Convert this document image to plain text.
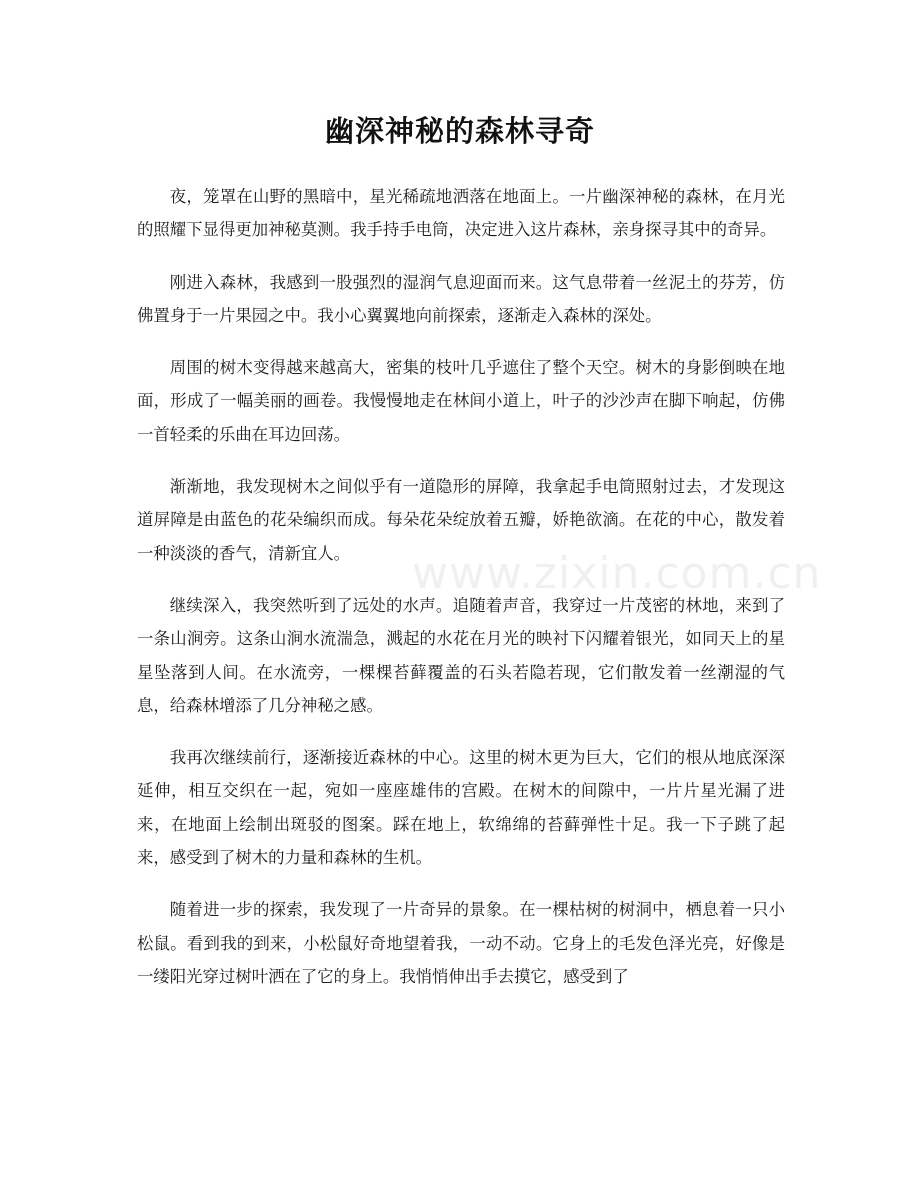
幽深神秘的森林寻奇

夜，笼罩在山野的黑暗中，星光稀疏地洒落在地面上。一片幽深神秘的森林，在月光的照耀下显得更加神秘莫测。我手持手电筒，决定进入这片森林，亲身探寻其中的奇异。

刚进入森林，我感到一股强烈的湿润气息迎面而来。这气息带着一丝泥土的芬芳，仿佛置身于一片果园之中。我小心翼翼地向前探索，逐渐走入森林的深处。

周围的树木变得越来越高大，密集的枝叶几乎遮住了整个天空。树木的身影倒映在地面，形成了一幅美丽的画卷。我慢慢地走在林间小道上，叶子的沙沙声在脚下响起，仿佛一首轻柔的乐曲在耳边回荡。

渐渐地，我发现树木之间似乎有一道隐形的屏障，我拿起手电筒照射过去，才发现这道屏障是由蓝色的花朵编织而成。每朵花朵绽放着五瓣，娇艳欲滴。在花的中心，散发着一种淡淡的香气，清新宜人。

继续深入，我突然听到了远处的水声。追随着声音，我穿过一片茂密的林地，来到了一条山涧旁。这条山涧水流湍急，溅起的水花在月光的映衬下闪耀着银光，如同天上的星星坠落到人间。在水流旁，一棵棵苔藓覆盖的石头若隐若现，它们散发着一丝潮湿的气息，给森林增添了几分神秘之感。

我再次继续前行，逐渐接近森林的中心。这里的树木更为巨大，它们的根从地底深深延伸，相互交织在一起，宛如一座座雄伟的宫殿。在树木的间隙中，一片片星光漏了进来，在地面上绘制出斑驳的图案。踩在地上，软绵绵的苔藓弹性十足。我一下子跳了起来，感受到了树木的力量和森林的生机。

随着进一步的探索，我发现了一片奇异的景象。在一棵枯树的树洞中，栖息着一只小松鼠。看到我的到来，小松鼠好奇地望着我，一动不动。它身上的毛发色泽光亮，好像是一缕阳光穿过树叶洒在了它的身上。我悄悄伸出手去摸它，感受到了

www.zixin.com.cn
